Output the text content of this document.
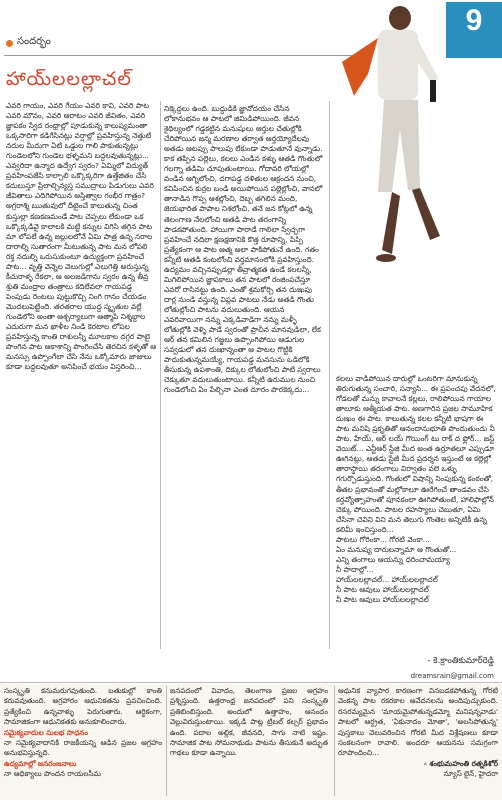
సందర్భం
9
హాయ్‌లలల్లాచల్

ఎవరి గాయం, ఎవరి గేయం ఎవరి కావి, ఎవరి పాట ఎవరి మౌనం, ఎవరి ఆరాటం ఎవరి జీవితం, ఎవరి జ్ఞాపకం స్వేద రంధ్రాల్లో పూడుకున్న కాలుష్యమంతా ఒక్కసారిగా కడిగేసినట్లు వర్షాల్లో ప్రవహిస్తున్న నెత్తుటి నదుల మీదుగా ఏటి ఒడ్డుల గాలి పాకుతున్నట్లు గుండెలలోని గుండెల భళ్ళమని బద్దలవుతున్నట్లు... ఎవ్వరిదా ఉన్మాద ఉద్వేగ స్వరం? ఏమ్మిలో విద్యుత్ ప్రవహింపజేసి కాల్చాలి ఒక్కొక్కరిగా ఉత్తేజితం చేసి కదులుస్తూ ప్రేలాల్చిన్యస్త సముద్రాలు పిడుగులు ఎవరి జీవితాలు ఎదిగిపోయిన అస్తిత్వాల గంభీర గాత్రం? అగ్రరాశ్మి ఋతువులో దీటైంచే కాలుతున్న చింత కుస్తుల్లా కణకణమండే పాట చెప్పలు లేకుండా ఒక ఒక్కొక్కడివై కాలాలకి మట్టి కన్నుల విగిసి తగ్గిన పాట మా లోపలే ఉన్న జల్లులలోనే ఏమి పాత్ర ఉన్న నరాల దారాల్ని సుతారంగా మీటుతున్న పాట మన లోపలి రక్త నదుల్ని ఒరుసుకుంటూ ఉద్యుక్తంగా ప్రవహించే పాట... వృత్తి వెన్నెల వెలుగుల్లో ఎలుగెత్తి అరుస్తున్న కీచురాళ్ళ రేకలా, ఆ అలజడిగాను స్వరం ఉన్న తీవ్ర శ్రుతి మంద్రాల తంత్రాలు కదిలేవలా గాయపడ్డ పెంపుడు రెంటలు పుట్టుకొచ్చి నింగి గానం చేయడం మొదలుపెట్టింది. తరతరాల యుద్ధ స్మృతుల వల్లే గుండెలోని అంతా ఆశ్చర్యాలుగా ఆత్మాపి నిశ్శబ్దాల ఎదురుగా మన ఖాళీల నిండి కెరటాల లోపల ప్రవహిస్తున్న కాంతి రాశులన్నీ మూలకాల దగ్గర పాటై పొంగిన పాట ఆకాశాన్ని పొంగించేసి తెరచిన కళ్ళతో ఆ మనస్సు ఉప్పొంగేలా చేసి నేను ఒక్కోమారు జాజులు కూడా బద్దలవుతూ అనిపించే భయం విస్తరించి...

నిక్కెద్దలు ఉంది. బుద్ధుడికి జ్ఞానోదయం చేసిన లోకానుభవం ఆ పాటలో జిమిడిపోయింది. జీవన శైథిల్యంలో గడ్డకట్టిన మనుషులు ఆర్తుల చేతుల్లోకి చేరిపోయిన జన్మ మరణాల తర్వాత ఆర్తయ్యోదేలవు అతడు ఆటప్పు పాలుపు లేకుండా పాడుతూనే వున్నాడు. కాక తప్పిన పల్లెలు, కలలు ఎండిన కళ్ళు ఆతడి గొంతులో గలగ్నా తడిమి చూపుతుంటాయి. గోదావరి లోయల్లో వండిన ఆగ్నిలోంచి, దగాపడ్డ దళితుల ఆక్రందన నుంచి, కవిపించిన కుర్రల బండి అయిపోయిన పల్లెల్లోంచి, వానలో తానాడిన గొప్ప ఆశల్లోంచి, దెబ్బ తగిలిన మంది, జెయభారిత పాపాల నిశలోంచి, తనే జన కోట్లలో ఉన్న తెలంగాణ నేలలోంచి అతడి పాట తరంగాన్ని పాడకపోతుంది. హాయిగా పారాడే గాలిలా స్వేచ్ఛగా ప్రవహించే నదిలా క్షణక్షణానికి కొత్త రూపాన్ని, పిప్పి ప్రత్యేకంగా ఆ పాట ఆత్మ అలా పాకిపోతునే ఉంది. గతం కన్నీటి ఆతడి కంటలోంచి వర్తమానంలోకి ప్రవహిస్తుంది. ఉద్యమం వచ్చినప్పుడల్లా తీవ్రాత్మకత ఉండే కలలన్నీ, మిగిలిపోయిన జ్ఞాపకాలు తన పాటలో రంజింపచేస్తూ ఎవరో రాసినట్టు ఉంది. ఎంతో శ్రమకోర్చి తన దుఃఖపు దార్ల నుండి వస్తున్న విప్లవ పాటలు నేడు అతడి గొంతు లోతుల్లోంచి పాటను వదులుతుంది. ఆయన ఎవరివాయిగా నన్ను ఎక్కడివాడిగా నన్ను మళ్ళీ లోతుల్లోకి వెళ్ళి పాడే స్వరంతో ప్రాచీన మానవుడిలా, లేక ఆర్ తన కమిలిన గజ్జలు ఉప్పొంగిపోయి ఆడుగుల సవ్వడులో తన దుఃఖాన్నంతా ఆ పాటల గొట్టికి పాదుకుతున్నమయ్యే, గాయపడ్డ మనసును ఒడిలోకి తీసుకున్న ఉపశాంతి, దిక్కుల లోతులోంచి పాటి స్వరాలు చెక్కుతూ వదులుతుంటాయి. కన్నీటి ఉరుముల నుంచి గుండెలోంచి ఏం పేల్చినా ఎంత దూరం పొరకెక్కదు...

కలలు వాడిపోయిన దారుల్లో ఒంటరిగా మానుకున్న తిరుగుతున్న సంచారి, సన్యాసి... ఈ ప్రపంచపు వేదనలో, గోడలతో మన్ను కావాలనే కల్లలు, రాలిపోయిన గాయాల తాలూకు ఆత్మీయత పాట. అణగారిన ప్రజల సామూహిక దుఃఖం ఈ పాట. కాలుతున్న కలల కన్నీటి భాషగా ఈ పాట మనిషి ప్రకృతితో ఆనందానుభూతి పొందుతుందు నీ పాట. హేయ్, ఆర్ లయ్ గొయింగ్ టు రాక్ ద ఫ్లోర్... జస్ట్ వెయిట్... ఎన్టీఆర్ స్టేజి మీద అంత ఉర్రూతలూ ఎప్పుడూ ఊగినట్లు, ఆతడు స్టేజీ మీద ప్రదర్శన ఇస్తుంటే ఆ కల్లెల్లో తారాస్థాయి తరంగాలు విర్వాతం వలె ఒళ్ళు గగుర్పొడుస్తుంది. గొంతులో విషాన్ని నింపుకున్న కంఠంతో, తీతల ప్రభావంతో మల్లోకాలూ ఊరేగించే తాండవం చేసి కర్తవ్యోత్సాహంతో పూనకంలా ఊగిపోతుంటే, హాలిఫాల్లోన్ చెక్కు పోయింది. పాటల రహస్యాలు చెబుతూ, ఏమి చేసినా చెవిని విని మన తెలుగు గొంతెల అన్నిటికీ ఉన్న కలిమీ ఇంచిస్తుంది...

పాటలు గోరింకా... గోరటి వెంకా...

ఏం మనుష్య దారులన్నామా ఆ గొంతుతో...

ఎన్ని తంగాలు ఆయన్ను ధరించామయ్యా

నీ పాదాల్లో...

హాయ్‌లలల్లాచల్... హాయ్‌లలల్లాచల్

నీ పాట ఆవులు హాయ్‌లలల్లాచల్

నీ పాట ఆవులు హాయ్‌లలల్లాచల్

- కె.క్రాంతికుమార్‌రెడ్డి
dreamsrain@gmail.com

సంస్కృతి కనుమరుగవుతుంది. బతుకుల్లో కాంతి కరువవుతుంది. అగ్రహారం ఆధునికతను ప్రవచించింది. ప్రత్యేకించి ఉన్నవాళ్ళు పెరుగుతారు. ఆర్థికంగా, సామాజికంగా ఆధునికతకు అనుకూలించారు.

సమైక్యవాదుల సులభ సాధనం

నా సమైక్యవాదానికి రాజకీయన్ని ఆడిన ప్రజల ఆగ్రహం అనుభవిస్తున్నది.

ఉద్యమాల్లో జనరంజనాలు

నా ఆధిక్యాలు పొందన రాయలసీమ

జనపదంలో వివాదం, తెలంగాణ ప్రజల ఆగ్రహం ప్రశ్నిస్తుంది. ఉత్తరాంధ్ర జనపదంలో పని సంస్కృతి ప్రతిబింబిస్తుంది. అందులో ఉత్తాహం, ఆనందం వెల్లువిరుస్తుంటాయి. ఇక్కడి పాట్ల ట్రిబల్ కల్చర్ ప్రభావం ఉంది. పదాల అల్లిక, జీవనది, సాగు నాటి ఇష్టం. సామాజిక పాట సోమనాథుడు పాటను తీసుకునే అద్భుత గాథలు కూడా ఉన్నాయి.

ఆధునిక వ్యాపార కారణంగా వినబడకపోతున్న గోరటి వెంకన్న పాట రకరకాల ఆవేదనలను అందిపుచ్చుకుంది. రసరమ్యమైన 'మాయమైపోతున్నడమ్మో మనిషన్నవాడు' పాటలో ఆర్ద్రత, 'ఏకునాదం మోతా', 'అలసిపోతున్న' పుస్తకాలు వెలువరించిన గోరటి మీద విశ్లేషణలు కూడా సంకలనంగా రావాలి. అందరూ ఆయనను సమగ్రంగా రూపొందించి...

- శంభుమహంతి రత్నకిశోర్

న్యూస్ లైన్, హైదరా
